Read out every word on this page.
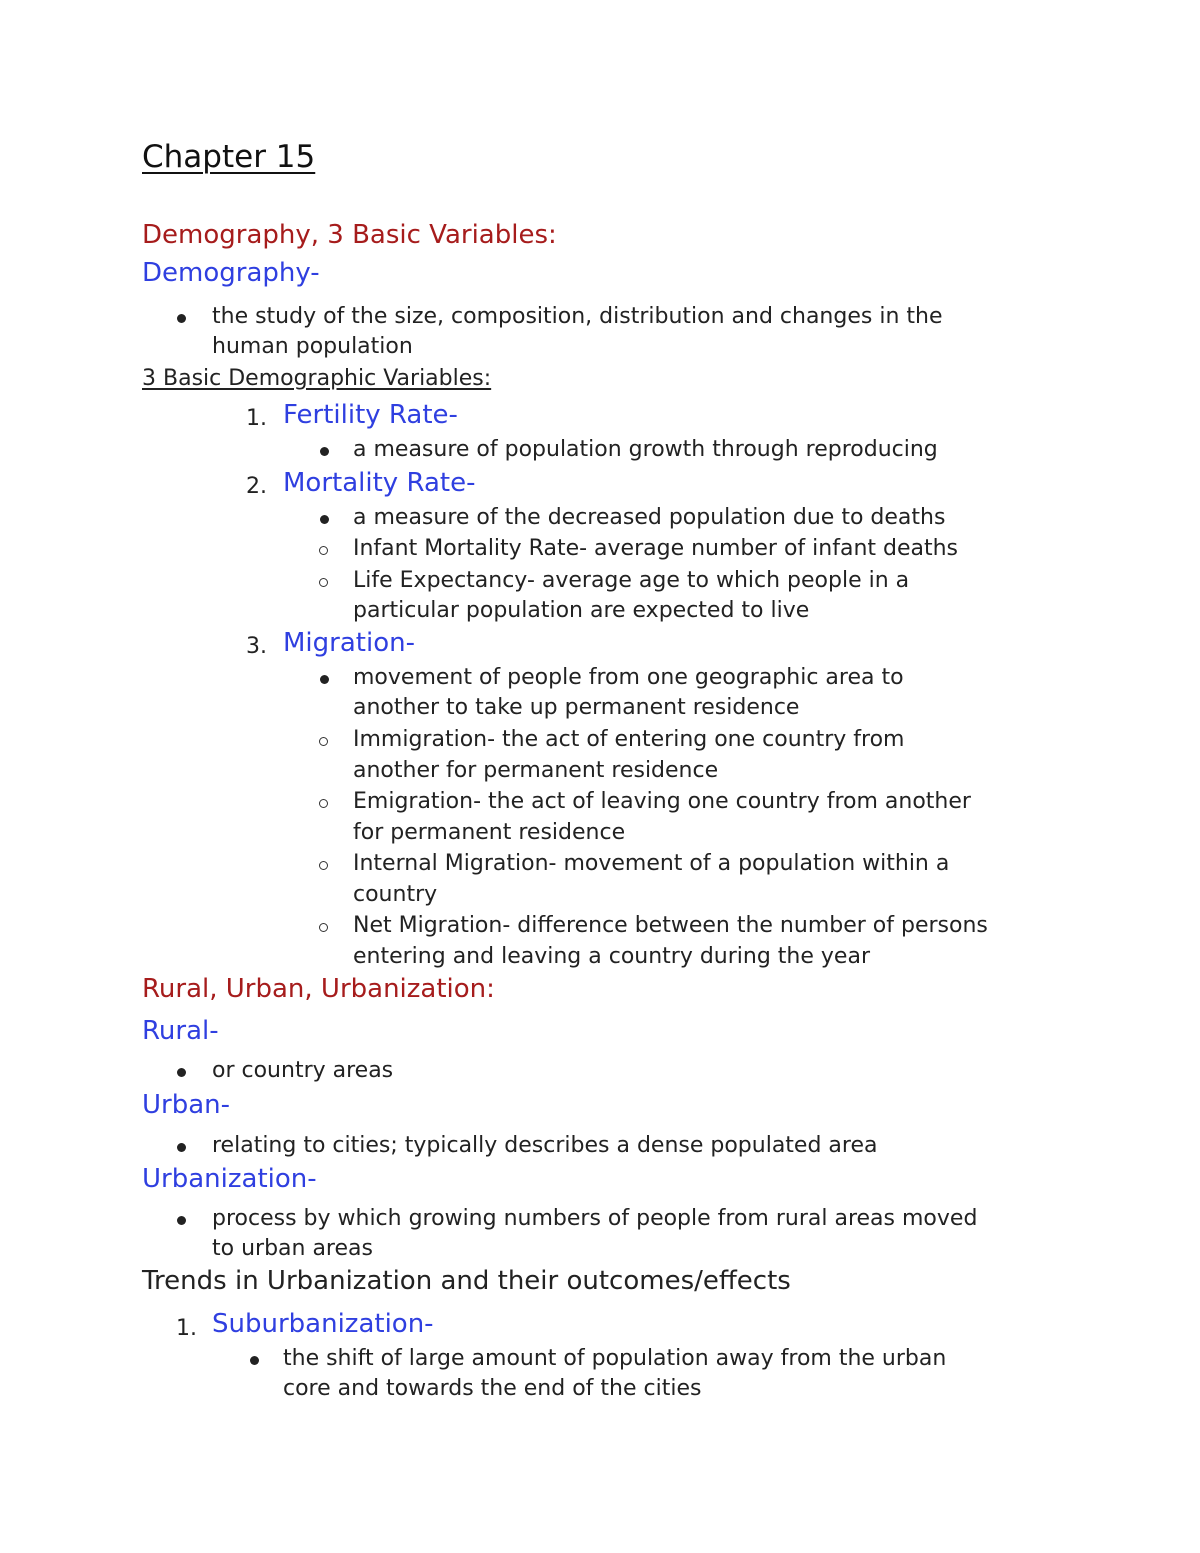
Chapter 15
Demography, 3 Basic Variables:
Demography-
the study of the size, composition, distribution and changes in the
human population
3 Basic Demographic Variables:
1. Fertility Rate-
a measure of population growth through reproducing
2. Mortality Rate-
a measure of the decreased population due to deaths
Infant Mortality Rate- average number of infant deaths
Life Expectancy- average age to which people in a
particular population are expected to live
3. Migration-
movement of people from one geographic area to
another to take up permanent residence
Immigration- the act of entering one country from
another for permanent residence
Emigration- the act of leaving one country from another
for permanent residence
Internal Migration- movement of a population within a
country
Net Migration- difference between the number of persons
entering and leaving a country during the year
Rural, Urban, Urbanization:
Rural-
or country areas
Urban-
relating to cities; typically describes a dense populated area
Urbanization-
process by which growing numbers of people from rural areas moved
to urban areas
Trends in Urbanization and their outcomes/effects
1. Suburbanization-
the shift of large amount of population away from the urban
core and towards the end of the cities
